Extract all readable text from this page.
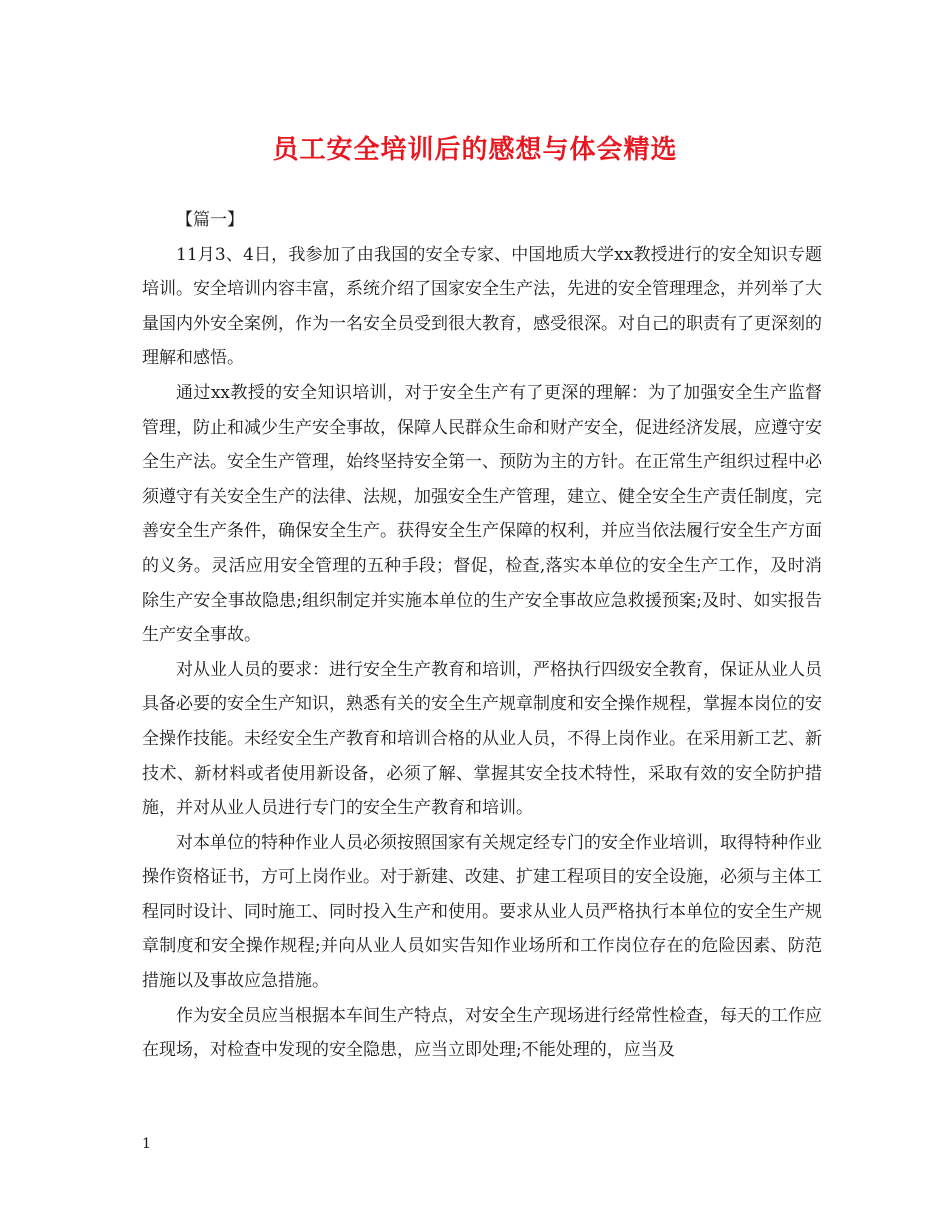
员工安全培训后的感想与体会精选

【篇一】

11月3、4日，我参加了由我国的安全专家、中国地质大学xx教授进行的安全知识专题培训。安全培训内容丰富，系统介绍了国家安全生产法，先进的安全管理理念，并列举了大量国内外安全案例，作为一名安全员受到很大教育，感受很深。对自己的职责有了更深刻的理解和感悟。

通过xx教授的安全知识培训，对于安全生产有了更深的理解：为了加强安全生产监督管理，防止和减少生产安全事故，保障人民群众生命和财产安全，促进经济发展，应遵守安全生产法。安全生产管理，始终坚持安全第一、预防为主的方针。在正常生产组织过程中必须遵守有关安全生产的法律、法规，加强安全生产管理，建立、健全安全生产责任制度，完善安全生产条件，确保安全生产。获得安全生产保障的权利，并应当依法履行安全生产方面的义务。灵活应用安全管理的五种手段；督促，检查,落实本单位的安全生产工作，及时消除生产安全事故隐患;组织制定并实施本单位的生产安全事故应急救援预案;及时、如实报告生产安全事故。

对从业人员的要求：进行安全生产教育和培训，严格执行四级安全教育，保证从业人员具备必要的安全生产知识，熟悉有关的安全生产规章制度和安全操作规程，掌握本岗位的安全操作技能。未经安全生产教育和培训合格的从业人员，不得上岗作业。在采用新工艺、新技术、新材料或者使用新设备，必须了解、掌握其安全技术特性，采取有效的安全防护措施，并对从业人员进行专门的安全生产教育和培训。

对本单位的特种作业人员必须按照国家有关规定经专门的安全作业培训，取得特种作业操作资格证书，方可上岗作业。对于新建、改建、扩建工程项目的安全设施，必须与主体工程同时设计、同时施工、同时投入生产和使用。要求从业人员严格执行本单位的安全生产规章制度和安全操作规程;并向从业人员如实告知作业场所和工作岗位存在的危险因素、防范措施以及事故应急措施。

作为安全员应当根据本车间生产特点，对安全生产现场进行经常性检查，每天的工作应在现场，对检查中发现的安全隐患，应当立即处理;不能处理的，应当及

1
